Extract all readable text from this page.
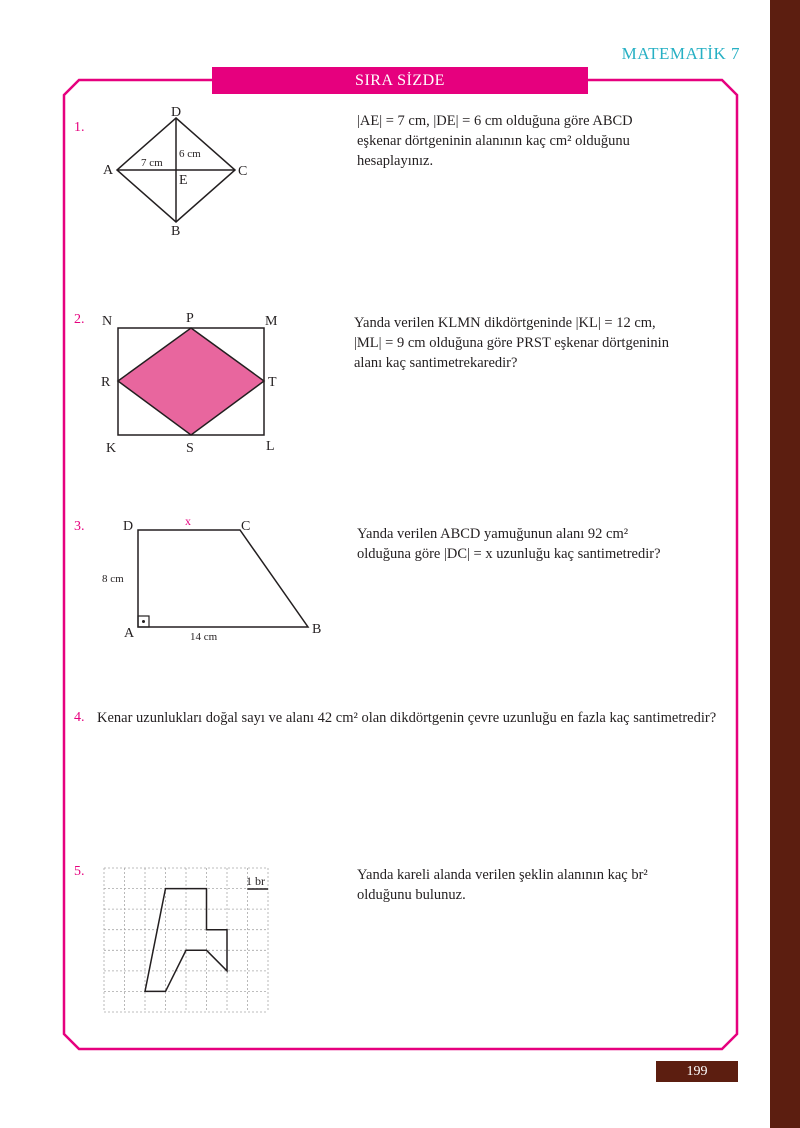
MATEMATİK 7
SIRA SİZDE
1.
D
A	C
B
E
7 cm
6 cm
|AE| = 7 cm, |DE| = 6 cm olduğuna göre ABCD
eşkenar dörtgeninin alanının kaç cm² olduğunu
hesaplayınız.
2. N	P	M
R	T
K	S	L
Yanda verilen KLMN dikdörtgeninde |KL| = 12 cm,
|ML| = 9 cm olduğuna göre PRST eşkenar dörtgeninin
alanı kaç santimetrekaredir?
3.	D	C
A	B
x
8 cm
14 cm
Yanda verilen ABCD yamuğunun alanı 92 cm²
olduğuna göre |DC| = x uzunluğu kaç santimetredir?
4. Kenar uzunlukları doğal sayı ve alanı 42 cm² olan dikdörtgenin çevre uzunluğu en fazla kaç santimetredir?
5.
1 br	Yanda kareli alanda verilen şeklin alanının kaç br²
olduğunu bulunuz.
199
